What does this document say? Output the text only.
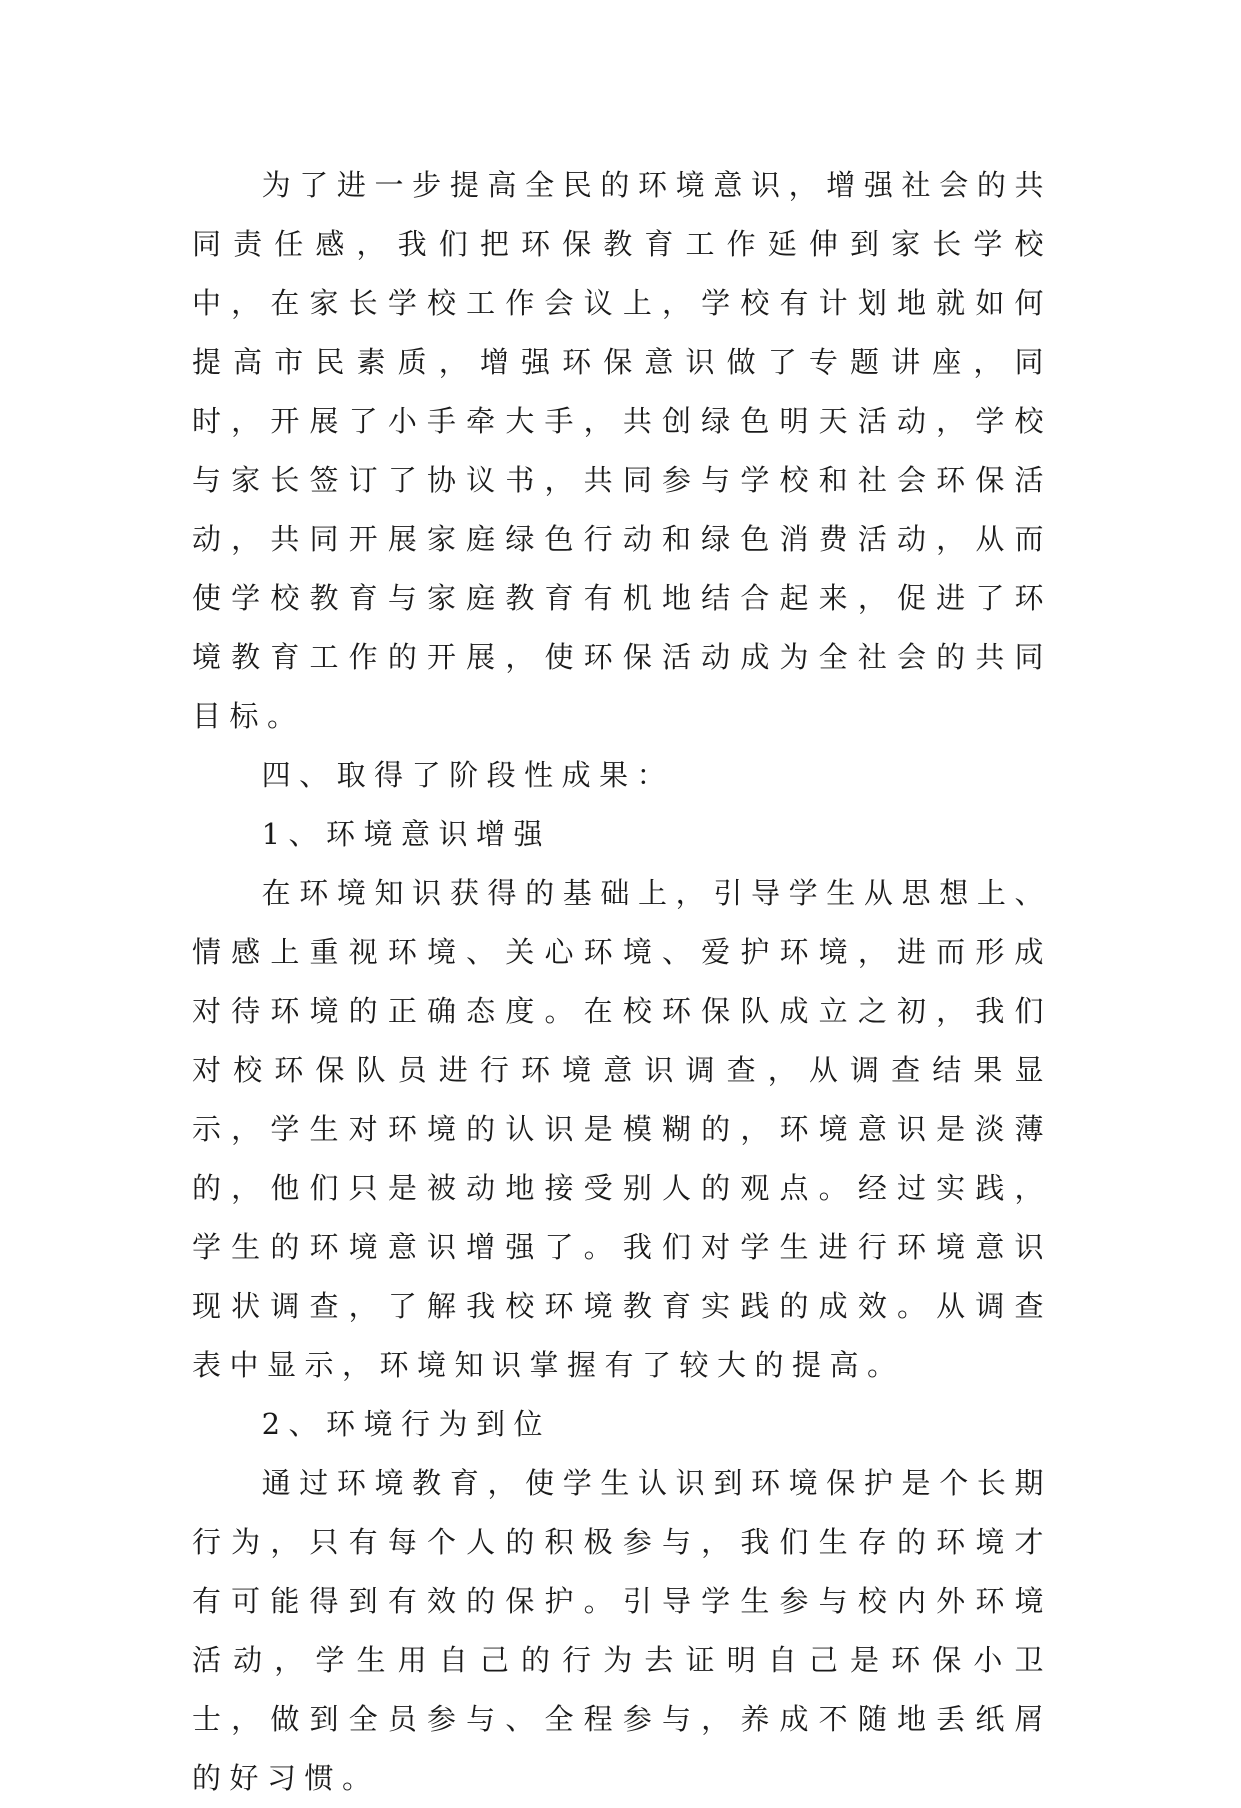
为了进一步提高全民的环境意识，增强社会的共同责任感，我们把环保教育工作延伸到家长学校中，在家长学校工作会议上，学校有计划地就如何提高市民素质，增强环保意识做了专题讲座，同时，开展了小手牵大手，共创绿色明天活动，学校与家长签订了协议书，共同参与学校和社会环保活动，共同开展家庭绿色行动和绿色消费活动，从而使学校教育与家庭教育有机地结合起来，促进了环境教育工作的开展，使环保活动成为全社会的共同目标。

四、取得了阶段性成果：

1、环境意识增强

在环境知识获得的基础上，引导学生从思想上、情感上重视环境、关心环境、爱护环境，进而形成对待环境的正确态度。在校环保队成立之初，我们对校环保队员进行环境意识调查，从调查结果显示，学生对环境的认识是模糊的，环境意识是淡薄的，他们只是被动地接受别人的观点。经过实践，学生的环境意识增强了。我们对学生进行环境意识现状调查，了解我校环境教育实践的成效。从调查表中显示，环境知识掌握有了较大的提高。

2、环境行为到位

通过环境教育，使学生认识到环境保护是个长期行为，只有每个人的积极参与，我们生存的环境才有可能得到有效的保护。引导学生参与校内外环境活动，学生用自己的行为去证明自己是环保小卫士，做到全员参与、全程参与，养成不随地丢纸屑的好习惯。
